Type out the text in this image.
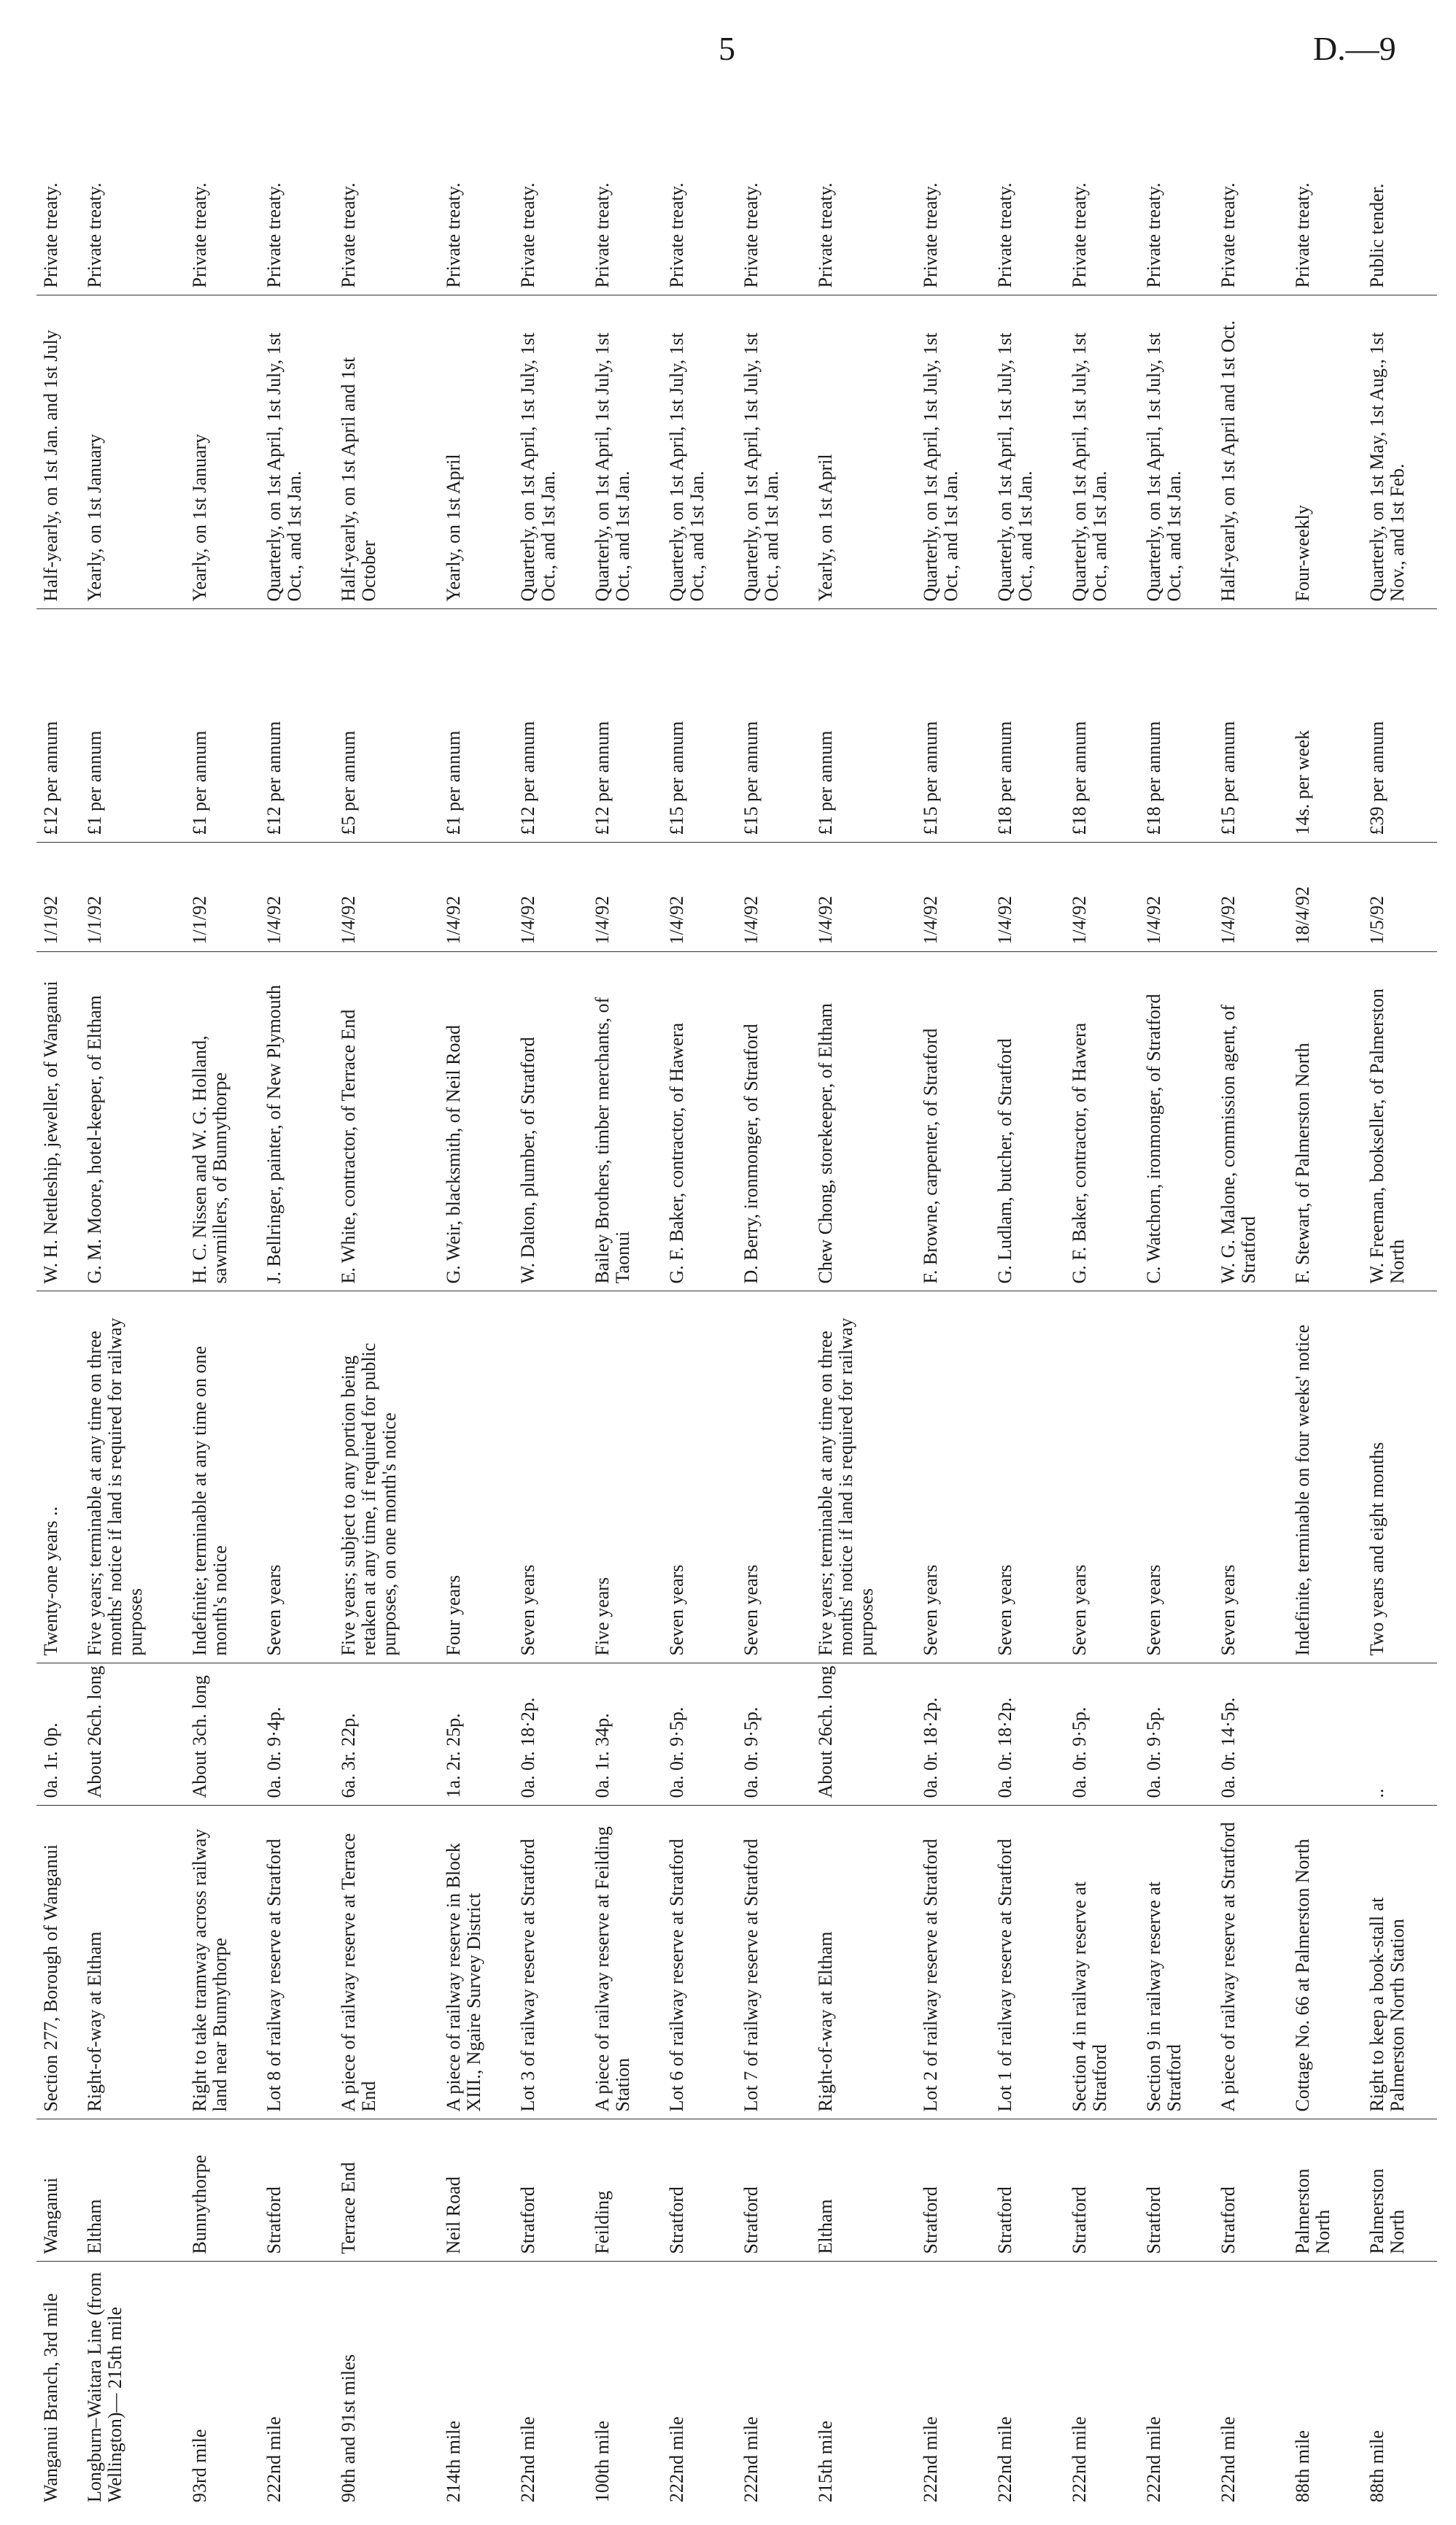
5	D.—9
Wanganui Branch, 3rd mile	Wanganui	Section 277, Borough of Wanganui	0a. 1r. 0p.	Twenty-one years ..	W. H. Nettleship, jeweller, of Wanganui	1/1/92	£12 per annum	Half-yearly, on 1st Jan. and 1st July	Private treaty.
Longburn–Waitara Line (from Wellington)— 215th mile	Eltham	Right-of-way at Eltham	About 26ch. long	Five years; terminable at any time on three months' notice if land is required for railway purposes	G. M. Moore, hotel-keeper, of Eltham	1/1/92	£1 per annum	Yearly, on 1st January	Private treaty.
93rd mile	Bunnythorpe	Right to take tramway across railway land near Bunnythorpe	About 3ch. long	Indefinite; terminable at any time on one month's notice	H. C. Nissen and W. G. Holland, sawmillers, of Bunnythorpe	1/1/92	£1 per annum	Yearly, on 1st January	Private treaty.
222nd mile	Stratford	Lot 8 of railway reserve at Stratford	0a. 0r. 9·4p.	Seven years	J. Bellringer, painter, of New Plymouth	1/4/92	£12 per annum	Quarterly, on 1st April, 1st July, 1st Oct., and 1st Jan.	Private treaty.
90th and 91st miles	Terrace End	A piece of railway reserve at Terrace End	6a. 3r. 22p.	Five years; subject to any portion being retaken at any time, if required for public purposes, on one month's notice	E. White, contractor, of Terrace End	1/4/92	£5 per annum	Half-yearly, on 1st April and 1st October	Private treaty.
214th mile	Neil Road	A piece of railway reserve in Block XIII., Ngaire Survey District	1a. 2r. 25p.	Four years	G. Weir, blacksmith, of Neil Road	1/4/92	£1 per annum	Yearly, on 1st April	Private treaty.
222nd mile	Stratford	Lot 3 of railway reserve at Stratford	0a. 0r. 18·2p.	Seven years	W. Dalton, plumber, of Stratford	1/4/92	£12 per annum	Quarterly, on 1st April, 1st July, 1st Oct., and 1st Jan.	Private treaty.
100th mile	Feilding	A piece of railway reserve at Feilding Station	0a. 1r. 34p.	Five years	Bailey Brothers, timber merchants, of Taonui	1/4/92	£12 per annum	Quarterly, on 1st April, 1st July, 1st Oct., and 1st Jan.	Private treaty.
222nd mile	Stratford	Lot 6 of railway reserve at Stratford	0a. 0r. 9·5p.	Seven years	G. F. Baker, contractor, of Hawera	1/4/92	£15 per annum	Quarterly, on 1st April, 1st July, 1st Oct., and 1st Jan.	Private treaty.
222nd mile	Stratford	Lot 7 of railway reserve at Stratford	0a. 0r. 9·5p.	Seven years	D. Berry, ironmonger, of Stratford	1/4/92	£15 per annum	Quarterly, on 1st April, 1st July, 1st Oct., and 1st Jan.	Private treaty.
215th mile	Eltham	Right-of-way at Eltham	About 26ch. long	Five years; terminable at any time on three months' notice if land is required for railway purposes	Chew Chong, storekeeper, of Eltham	1/4/92	£1 per annum	Yearly, on 1st April	Private treaty.
222nd mile	Stratford	Lot 2 of railway reserve at Stratford	0a. 0r. 18·2p.	Seven years	F. Browne, carpenter, of Stratford	1/4/92	£15 per annum	Quarterly, on 1st April, 1st July, 1st Oct., and 1st Jan.	Private treaty.
222nd mile	Stratford	Lot 1 of railway reserve at Stratford	0a. 0r. 18·2p.	Seven years	G. Ludlam, butcher, of Stratford	1/4/92	£18 per annum	Quarterly, on 1st April, 1st July, 1st Oct., and 1st Jan.	Private treaty.
222nd mile	Stratford	Section 4 in railway reserve at Stratford	0a. 0r. 9·5p.	Seven years	G. F. Baker, contractor, of Hawera	1/4/92	£18 per annum	Quarterly, on 1st April, 1st July, 1st Oct., and 1st Jan.	Private treaty.
222nd mile	Stratford	Section 9 in railway reserve at Stratford	0a. 0r. 9·5p.	Seven years	C. Watchorn, ironmonger, of Stratford	1/4/92	£18 per annum	Quarterly, on 1st April, 1st July, 1st Oct., and 1st Jan.	Private treaty.
222nd mile	Stratford	A piece of railway reserve at Stratford	0a. 0r. 14·5p.	Seven years	W. G. Malone, commission agent, of Stratford	1/4/92	£15 per annum	Half-yearly, on 1st April and 1st Oct.	Private treaty.
88th mile	Palmerston North	Cottage No. 66 at Palmerston North		Indefinite, terminable on four weeks' notice	F. Stewart, of Palmerston North	18/4/92	14s. per week	Four-weekly	Private treaty.
88th mile	Palmerston North	Right to keep a book-stall at Palmerston North Station	..	Two years and eight months	W. Freeman, bookseller, of Palmerston North	1/5/92	£39 per annum	Quarterly, on 1st May, 1st Aug., 1st Nov., and 1st Feb.	Public tender.
